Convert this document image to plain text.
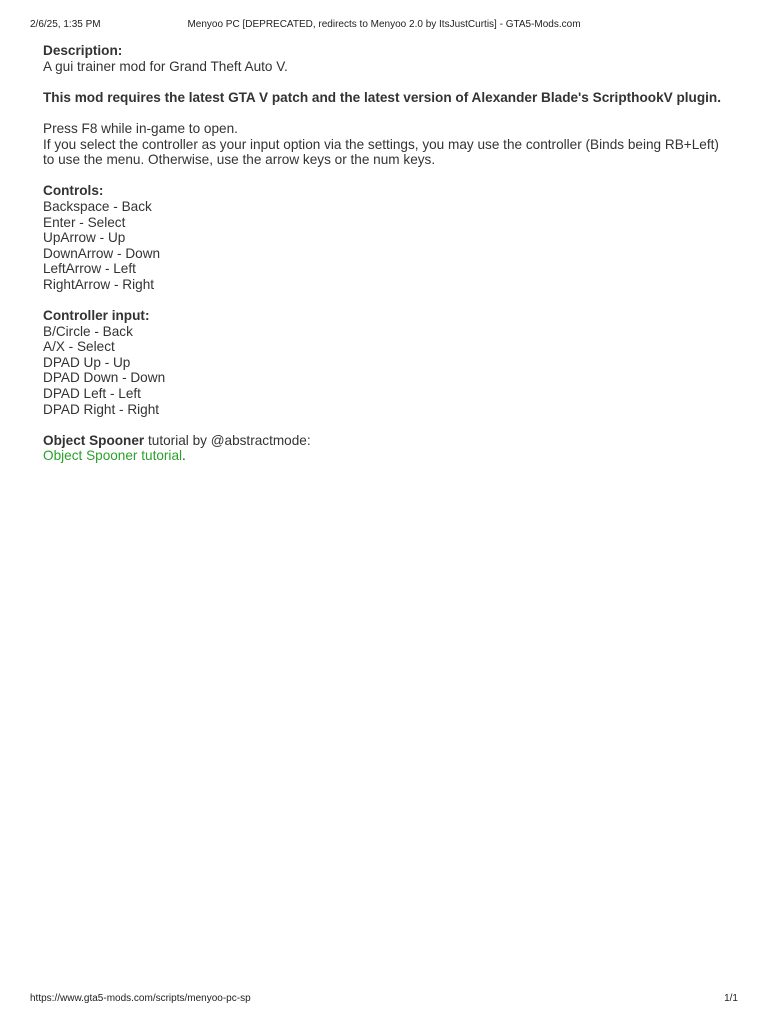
2/6/25, 1:35 PM	Menyoo PC [DEPRECATED, redirects to Menyoo 2.0 by ItsJustCurtis] - GTA5-Mods.com

Description:

A gui trainer mod for Grand Theft Auto V.

This mod requires the latest GTA V patch and the latest version of Alexander Blade's ScripthookV plugin.

Press F8 while in-game to open.

If you select the controller as your input option via the settings, you may use the controller (Binds being RB+Left) to use the menu. Otherwise, use the arrow keys or the num keys.

Controls:

Backspace - Back

Enter - Select

UpArrow - Up

DownArrow - Down

LeftArrow - Left

RightArrow - Right

Controller input:

B/Circle - Back

A/X - Select

DPAD Up - Up

DPAD Down - Down

DPAD Left - Left

DPAD Right - Right

Object Spooner tutorial by @abstractmode:

Object Spooner tutorial.

https://www.gta5-mods.com/scripts/menyoo-pc-sp	1/1
